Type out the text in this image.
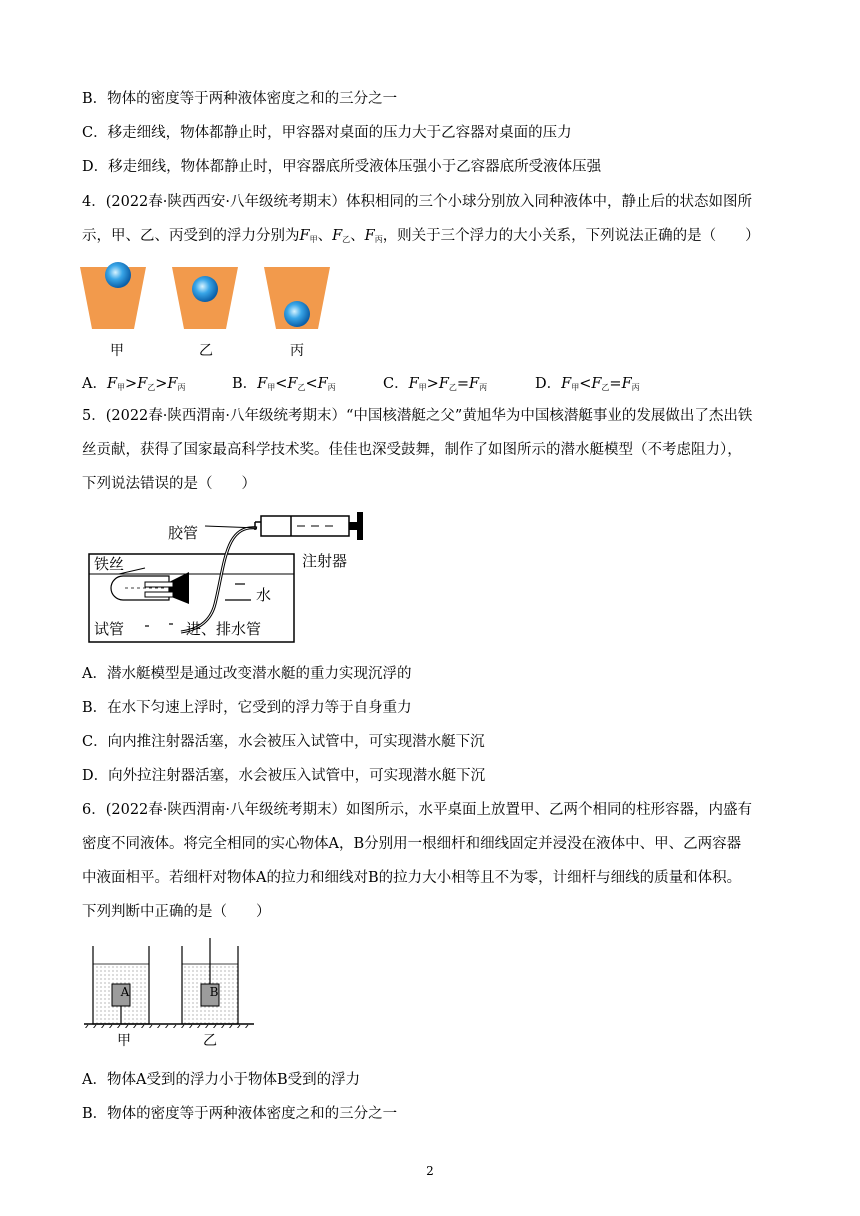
B．物体的密度等于两种液体密度之和的三分之一
C．移走细线，物体都静止时，甲容器对桌面的压力大于乙容器对桌面的压力
D．移走细线，物体都静止时，甲容器底所受液体压强小于乙容器底所受液体压强
4．(2022春·陕西西安·八年级统考期末）体积相同的三个小球分别放入同种液体中，静止后的状态如图所
示，甲、乙、丙受到的浮力分别为$F_甲$、$F_乙$、$F_丙$，则关于三个浮力的大小关系，下列说法正确的是（　　）
甲	乙	丙
A．$F_甲>F_乙>F_丙$	B．$F_甲<F_乙<F_丙$	C．$F_甲>F_乙=F_丙$	D．$F_甲<F_乙=F_丙$
5．(2022春·陕西渭南·八年级统考期末）“中国核潜艇之父”黄旭华为中国核潜艇事业的发展做出了杰出铁
丝贡献，获得了国家最高科学技术奖。佳佳也深受鼓舞，制作了如图所示的潜水艇模型（不考虑阻力），
下列说法错误的是（　　）
胶管
注射器
铁丝
水
试管	进、排水管
A．潜水艇模型是通过改变潜水艇的重力实现沉浮的
B．在水下匀速上浮时，它受到的浮力等于自身重力
C．向内推注射器活塞，水会被压入试管中，可实现潜水艇下沉
D．向外拉注射器活塞，水会被压入试管中，可实现潜水艇下沉
6．(2022春·陕西渭南·八年级统考期末）如图所示，水平桌面上放置甲、乙两个相同的柱形容器，内盛有
密度不同液体。将完全相同的实心物体A，B分别用一根细杆和细线固定并浸没在液体中、甲、乙两容器
中液面相平。若细杆对物体A的拉力和细线对B的拉力大小相等且不为零，计细杆与细线的质量和体积。
下列判断中正确的是（　　）
A	B
甲	乙
A．物体A受到的浮力小于物体B受到的浮力
B．物体的密度等于两种液体密度之和的三分之一
2
